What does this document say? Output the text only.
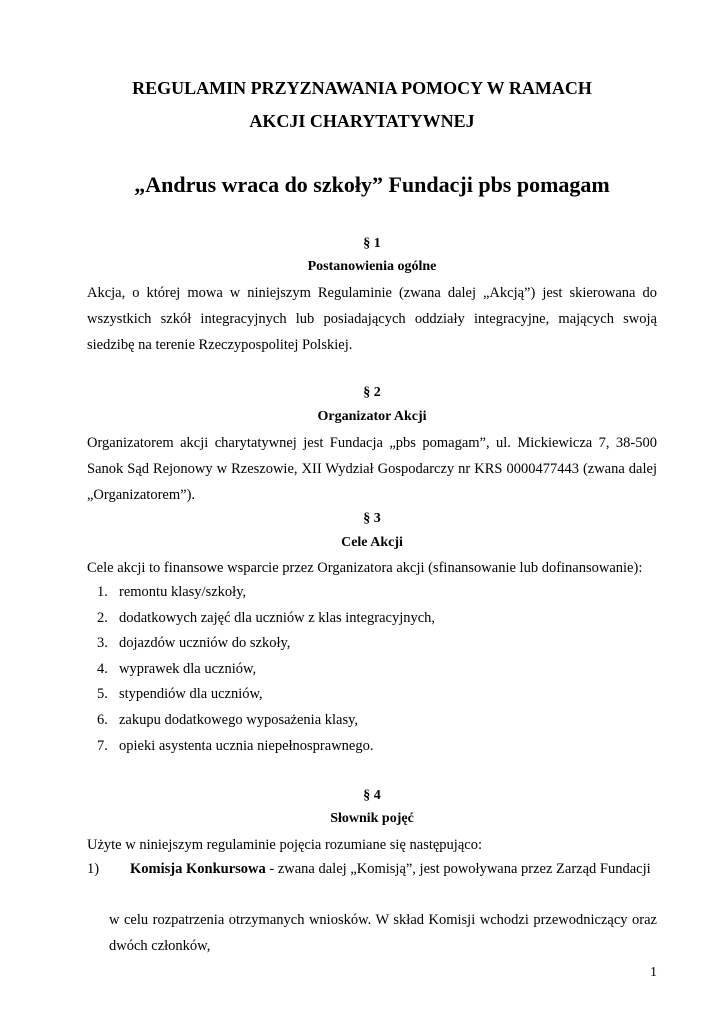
REGULAMIN PRZYZNAWANIA POMOCY W RAMACH
AKCJI CHARYTATYWNEJ
„Andrus wraca do szkoły” Fundacji pbs pomagam
§ 1
Postanowienia ogólne
Akcja, o której mowa w niniejszym Regulaminie (zwana dalej „Akcją”) jest skierowana do wszystkich szkół integracyjnych lub posiadających oddziały integracyjne, mających swoją siedzibę na terenie Rzeczypospolitej Polskiej.
§ 2
Organizator Akcji
Organizatorem akcji charytatywnej jest Fundacja „pbs pomagam”, ul. Mickiewicza 7, 38-500 Sanok Sąd Rejonowy w Rzeszowie, XII Wydział Gospodarczy nr KRS 0000477443 (zwana dalej „Organizatorem”).
§ 3
Cele Akcji
Cele akcji to finansowe wsparcie przez Organizatora akcji (sfinansowanie lub dofinansowanie):
1. remontu klasy/szkoły,
2. dodatkowych zajęć dla uczniów z klas integracyjnych,
3. dojazdów uczniów do szkoły,
4. wyprawek dla uczniów,
5. stypendiów dla uczniów,
6. zakupu dodatkowego wyposażenia klasy,
7. opieki asystenta ucznia niepełnosprawnego.
§ 4
Słownik pojęć
Użyte w niniejszym regulaminie pojęcia rozumiane się następująco:
1) Komisja Konkursowa - zwana dalej „Komisją”, jest powoływana przez Zarząd Fundacji
w celu rozpatrzenia otrzymanych wniosków. W skład Komisji wchodzi przewodniczący oraz dwóch członków,
1
